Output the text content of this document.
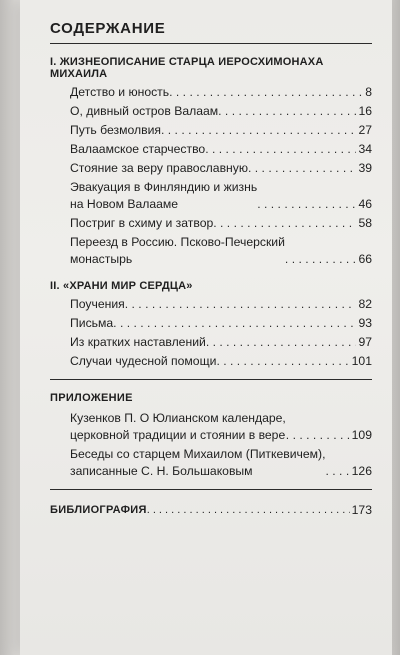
СОДЕРЖАНИЕ
I. ЖИЗНЕОПИСАНИЕ СТАРЦА ИЕРОСХИМОНАХА МИХАИЛА
Детство и юность . . .	8
О, дивный остров Валаам . . .	16
Путь безмолвия . . .	27
Валаамское старчество . . .	34
Стояние за веру православную . . .	39
Эвакуация в Финляндию и жизнь
на Новом Валааме . . .	46
Постриг в схиму и затвор . . .	58
Переезд в Россию. Псково-Печерский
монастырь . . .	66
II. «ХРАНИ МИР СЕРДЦА»
Поучения . . .	82
Письма . . .	93
Из кратких наставлений . . .	97
Случаи чудесной помощи . . .	101
ПРИЛОЖЕНИЕ
Кузенков П. О Юлианском календаре,
церковной традиции и стоянии в вере . . .	109
Беседы со старцем Михаилом (Питкевичем),
записанные С. Н. Большаковым . . .	126
БИБЛИОГРАФИЯ . . .	173
